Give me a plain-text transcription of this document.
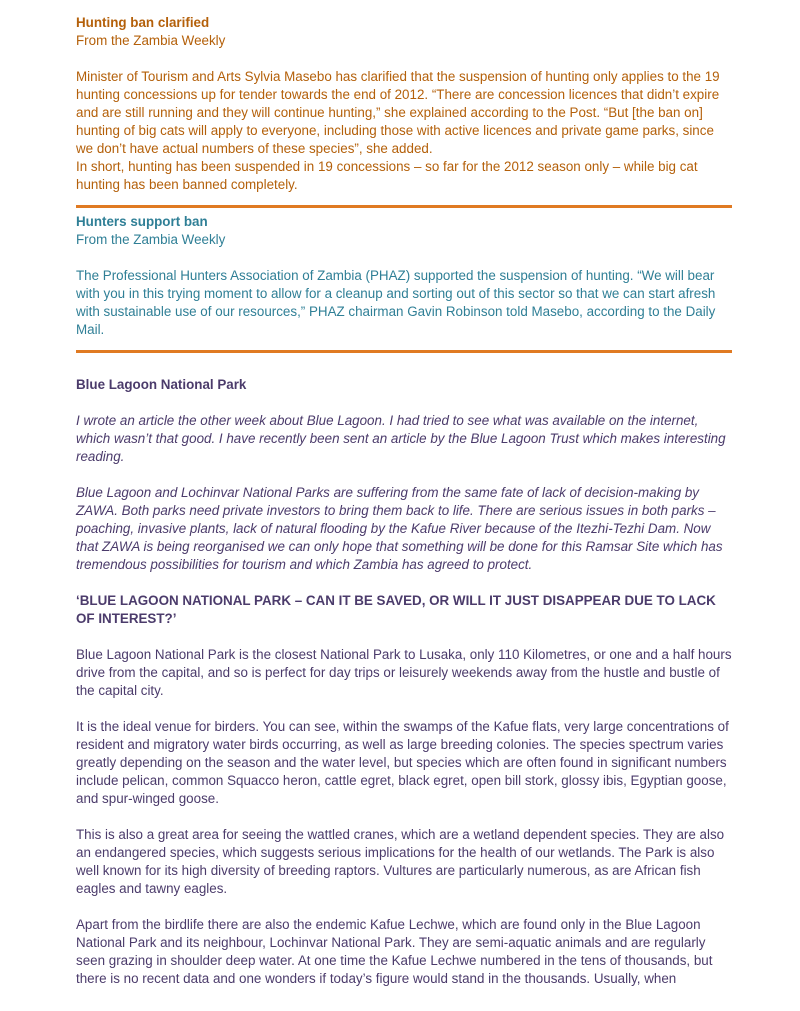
Hunting ban clarified

From the Zambia Weekly

Minister of Tourism and Arts Sylvia Masebo has clarified that the suspension of hunting only applies to the 19 hunting concessions up for tender towards the end of 2012. “There are concession licences that didn’t expire and are still running and they will continue hunting,” she explained according to the Post. “But [the ban on] hunting of big cats will apply to everyone, including those with active licences and private game parks, since we don’t have actual numbers of these species”, she added.

In short, hunting has been suspended in 19 concessions – so far for the 2012 season only – while big cat hunting has been banned completely.

Hunters support ban

From the Zambia Weekly

The Professional Hunters Association of Zambia (PHAZ) supported the suspension of hunting. “We will bear with you in this trying moment to allow for a cleanup and sorting out of this sector so that we can start afresh with sustainable use of our resources,” PHAZ chairman Gavin Robinson told Masebo, according to the Daily Mail.

Blue Lagoon National Park

I wrote an article the other week about Blue Lagoon. I had tried to see what was available on the internet, which wasn’t that good. I have recently been sent an article by the Blue Lagoon Trust which makes interesting reading.

Blue Lagoon and Lochinvar National Parks are suffering from the same fate of lack of decision-making by ZAWA. Both parks need private investors to bring them back to life. There are serious issues in both parks – poaching, invasive plants, lack of natural flooding by the Kafue River because of the Itezhi-Tezhi Dam. Now that ZAWA is being reorganised we can only hope that something will be done for this Ramsar Site which has tremendous possibilities for tourism and which Zambia has agreed to protect.

‘BLUE LAGOON NATIONAL PARK – CAN IT BE SAVED, OR WILL IT JUST DISAPPEAR DUE TO LACK OF INTEREST?’

Blue Lagoon National Park is the closest National Park to Lusaka, only 110 Kilometres, or one and a half hours drive from the capital, and so is perfect for day trips or leisurely weekends away from the hustle and bustle of the capital city.

It is the ideal venue for birders. You can see, within the swamps of the Kafue flats, very large concentrations of resident and migratory water birds occurring, as well as large breeding colonies. The species spectrum varies greatly depending on the season and the water level, but species which are often found in significant numbers include pelican, common Squacco heron, cattle egret, black egret, open bill stork, glossy ibis, Egyptian goose, and spur-winged goose.

This is also a great area for seeing the wattled cranes, which are a wetland dependent species. They are also an endangered species, which suggests serious implications for the health of our wetlands. The Park is also well known for its high diversity of breeding raptors. Vultures are particularly numerous, as are African fish eagles and tawny eagles.

Apart from the birdlife there are also the endemic Kafue Lechwe, which are found only in the Blue Lagoon National Park and its neighbour, Lochinvar National Park. They are semi-aquatic animals and are regularly seen grazing in shoulder deep water. At one time the Kafue Lechwe numbered in the tens of thousands, but there is no recent data and one wonders if today’s figure would stand in the thousands. Usually, when
